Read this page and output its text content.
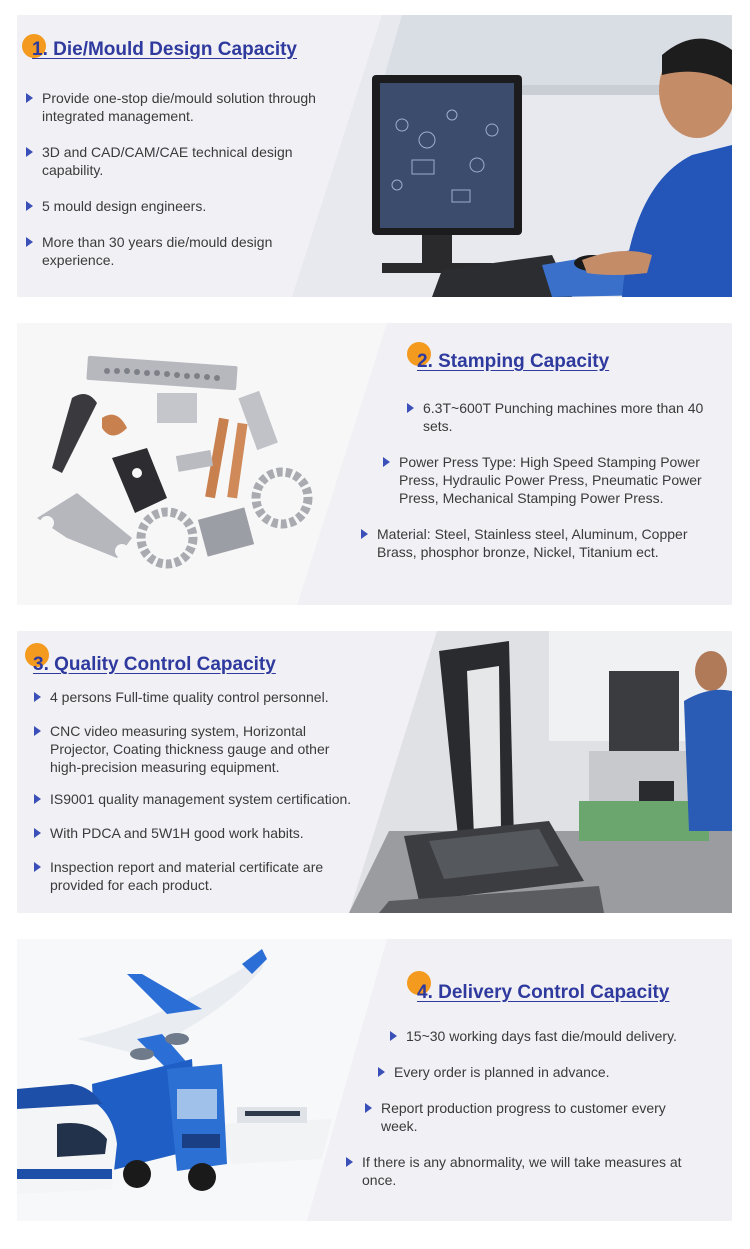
1. Die/Mould Design Capacity
Provide one-stop die/mould solution through integrated management.
3D and CAD/CAM/CAE technical design capability.
5 mould design engineers.
More than 30 years die/mould design experience.
2. Stamping Capacity
6.3T~600T Punching machines more than 40 sets.
Power Press Type: High Speed Stamping Power Press, Hydraulic Power Press, Pneumatic Power Press, Mechanical Stamping Power Press.
Material: Steel, Stainless steel, Aluminum, Copper Brass, phosphor bronze, Nickel, Titanium ect.
3. Quality Control Capacity
4 persons Full-time quality control personnel.
CNC video measuring system, Horizontal Projector, Coating thickness gauge and other high-precision measuring equipment.
IS9001 quality management system certification.
With PDCA and 5W1H good work habits.
Inspection report and material certificate are provided for each product.
4. Delivery Control Capacity
15~30 working days fast die/mould delivery.
Every order is planned in advance.
Report production progress to customer every week.
If there is any abnormality, we will take measures at once.
